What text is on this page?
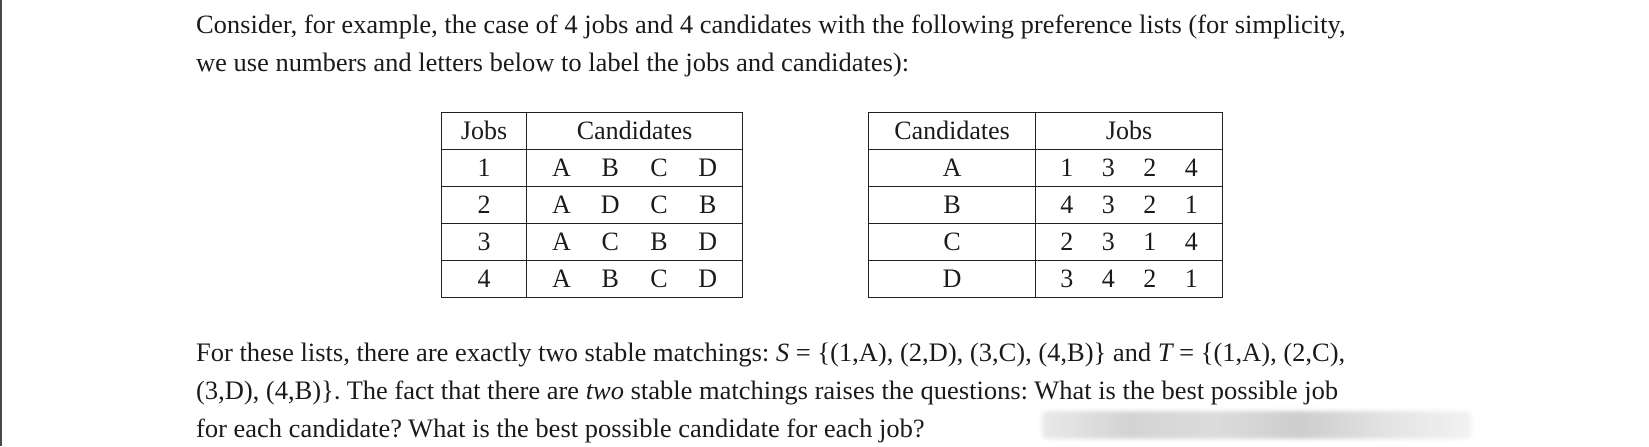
Consider, for example, the case of 4 jobs and 4 candidates with the following preference lists (for simplicity,
we use numbers and letters below to label the jobs and candidates):
Jobs	Candidates
1	A B C D

2	A D C B

3	A C B D

4	A B C D
Candidates	Jobs
A	1 3 2 4

B	4 3 2 1

C	2 3 1 4

D	3 4 2 1
For these lists, there are exactly two stable matchings: S = {(1,A), (2,D), (3,C), (4,B)} and T = {(1,A), (2,C),
(3,D), (4,B)}. The fact that there are two stable matchings raises the questions: What is the best possible job
for each candidate? What is the best possible candidate for each job?
